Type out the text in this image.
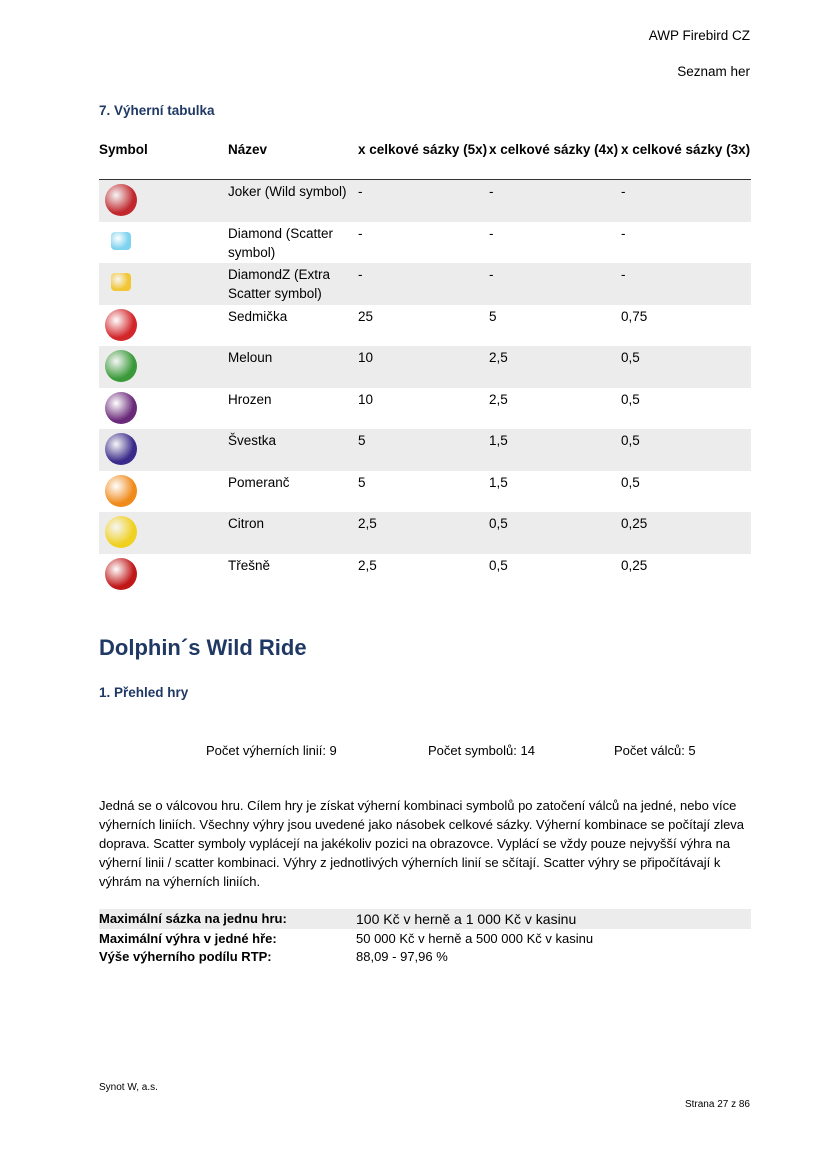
AWP Firebird CZ
Seznam her
7. Výherní tabulka
Symbol	Název	x celkové sázky (5x)	x celkové sázky (4x)	x celkové sázky (3x)
	Joker (Wild symbol)	-	-	-
	Diamond (Scatter symbol)	-	-	-
	DiamondZ (Extra Scatter symbol)	-	-	-
	Sedmička	25	5	0,75
	Meloun	10	2,5	0,5
	Hrozen	10	2,5	0,5
	Švestka	5	1,5	0,5
	Pomeranč	5	1,5	0,5
	Citron	2,5	0,5	0,25
	Třešně	2,5	0,5	0,25
Dolphin´s Wild Ride
1. Přehled hry
Počet výherních linií: 9	Počet symbolů: 14	Počet válců: 5
Jedná se o válcovou hru. Cílem hry je získat výherní kombinaci symbolů po zatočení válců na jedné, nebo více výherních liniích. Všechny výhry jsou uvedené jako násobek celkové sázky. Výherní kombinace se počítají zleva doprava. Scatter symboly vyplácejí na jakékoliv pozici na obrazovce. Vyplácí se vždy pouze nejvyšší výhra na výherní linii / scatter kombinaci. Výhry z jednotlivých výherních linií se sčítají. Scatter výhry se připočítávají k výhrám na výherních liniích.
Maximální sázka na jednu hru:	100 Kč v herně a 1 000 Kč v kasinu
Maximální výhra v jedné hře:	50 000 Kč v herně a 500 000 Kč v kasinu
Výše výherního podílu RTP:	88,09 - 97,96 %
Synot W, a.s.
Strana 27 z 86
